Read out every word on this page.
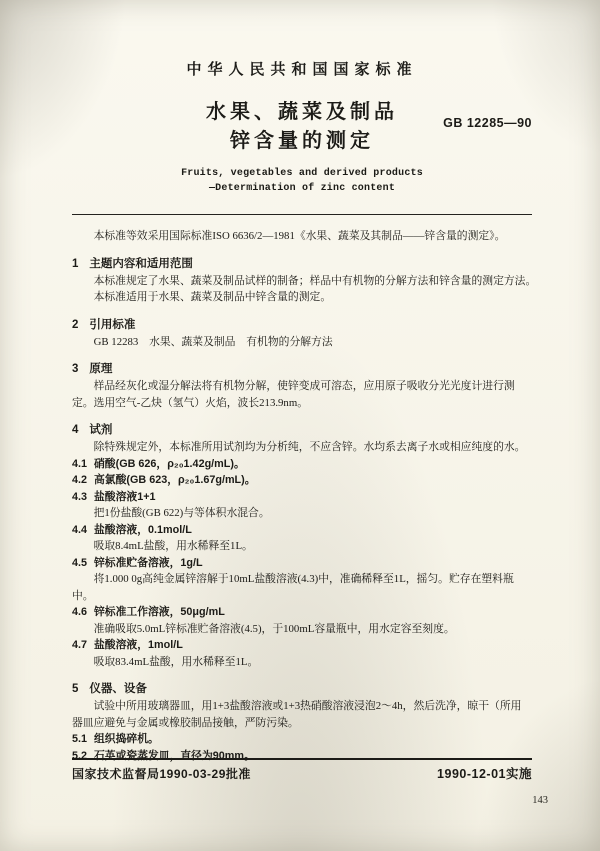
中华人民共和国国家标准
水果、蔬菜及制品
锌含量的测定
GB 12285—90
Fruits, vegetables and derived products
—Determination of zinc content

本标准等效采用国际标准ISO 6636/2—1981《水果、蔬菜及其制品——锌含量的测定》。

1 主题内容和适用范围

本标准规定了水果、蔬菜及制品试样的制备；样品中有机物的分解方法和锌含量的测定方法。

本标准适用于水果、蔬菜及制品中锌含量的测定。

2 引用标准

GB 12283　水果、蔬菜及制品　有机物的分解方法

3 原理

样品经灰化或湿分解法将有机物分解，使锌变成可溶态，应用原子吸收分光光度计进行测定。选用空气-乙炔（氢气）火焰，波长213.9nm。

4 试剂

除特殊规定外，本标准所用试剂均为分析纯，不应含锌。水均系去离子水或相应纯度的水。

4.1 硝酸(GB 626，ρ₂₀1.42g/mL)。
4.2 高氯酸(GB 623，ρ₂₀1.67g/mL)。
4.3 盐酸溶液1+1

把1份盐酸(GB 622)与等体积水混合。

4.4 盐酸溶液，0.1mol/L

吸取8.4mL盐酸，用水稀释至1L。

4.5 锌标准贮备溶液，1g/L

将1.000 0g高纯金属锌溶解于10mL盐酸溶液(4.3)中，准确稀释至1L，摇匀。贮存在塑料瓶中。

4.6 锌标准工作溶液，50μg/mL

准确吸取5.0mL锌标准贮备溶液(4.5)，于100mL容量瓶中，用水定容至刻度。

4.7 盐酸溶液，1mol/L

吸取83.4mL盐酸，用水稀释至1L。

5 仪器、设备

试验中所用玻璃器皿，用1+3盐酸溶液或1+3热硝酸溶液浸泡2～4h，然后洗净，晾干（所用器皿应避免与金属或橡胶制品接触，严防污染。

5.1 组织捣碎机。
5.2 石英或瓷蒸发皿，直径为90mm。
国家技术监督局1990-03-29批准	1990-12-01实施
143
